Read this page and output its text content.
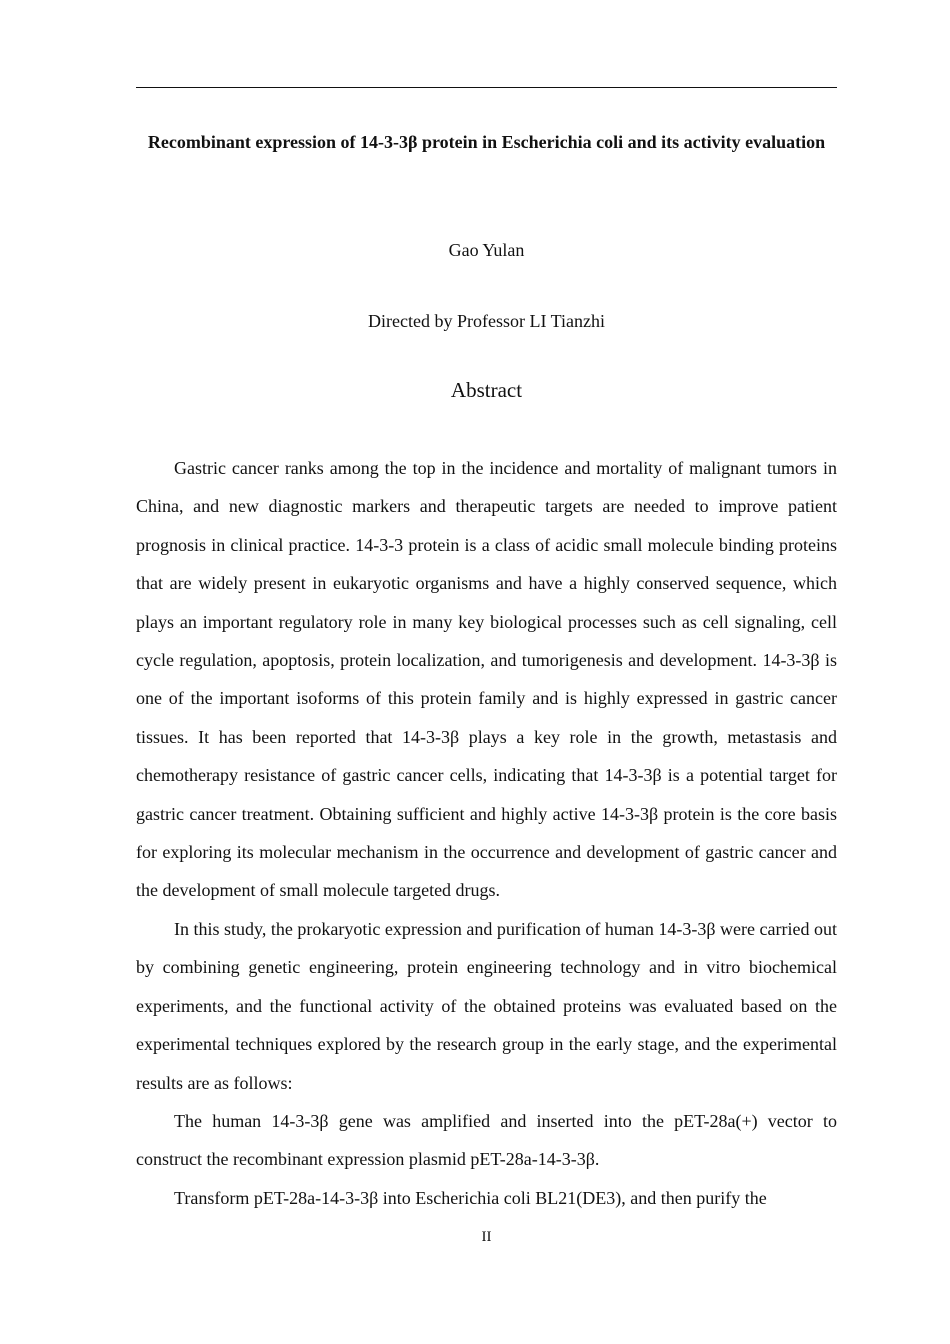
Recombinant expression of 14-3-3β protein in Escherichia coli and its activity evaluation
Gao Yulan
Directed by Professor LI Tianzhi
Abstract

Gastric cancer ranks among the top in the incidence and mortality of malignant tumors in China, and new diagnostic markers and therapeutic targets are needed to improve patient prognosis in clinical practice. 14-3-3 protein is a class of acidic small molecule binding proteins that are widely present in eukaryotic organisms and have a highly conserved sequence, which plays an important regulatory role in many key biological processes such as cell signaling, cell cycle regulation, apoptosis, protein localization, and tumorigenesis and development. 14-3-3β is one of the important isoforms of this protein family and is highly expressed in gastric cancer tissues. It has been reported that 14-3-3β plays a key role in the growth, metastasis and chemotherapy resistance of gastric cancer cells, indicating that 14-3-3β is a potential target for gastric cancer treatment. Obtaining sufficient and highly active 14-3-3β protein is the core basis for exploring its molecular mechanism in the occurrence and development of gastric cancer and the development of small molecule targeted drugs.

In this study, the prokaryotic expression and purification of human 14-3-3β were carried out by combining genetic engineering, protein engineering technology and in vitro biochemical experiments, and the functional activity of the obtained proteins was evaluated based on the experimental techniques explored by the research group in the early stage, and the experimental results are as follows:

The human 14-3-3β gene was amplified and inserted into the pET-28a(+) vector to construct the recombinant expression plasmid pET-28a-14-3-3β.

Transform pET-28a-14-3-3β into Escherichia coli BL21(DE3), and then purify the

II
